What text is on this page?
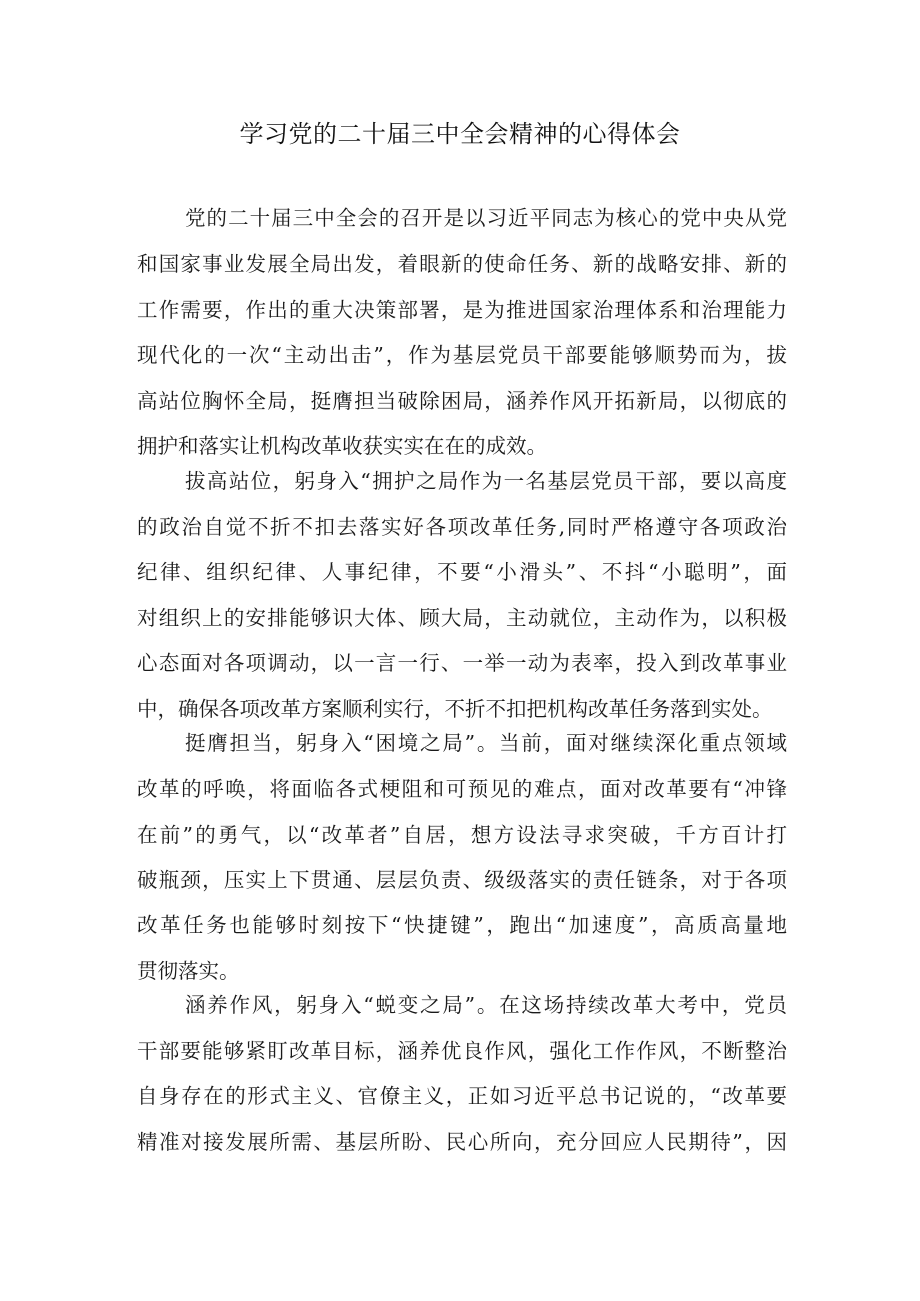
学习党的二十届三中全会精神的心得体会

党的二十届三中全会的召开是以习近平同志为核心的党中央从党

和国家事业发展全局出发，着眼新的使命任务、新的战略安排、新的

工作需要，作出的重大决策部署，是为推进国家治理体系和治理能力

现代化的一次“主动出击”，作为基层党员干部要能够顺势而为，拔

高站位胸怀全局，挺膺担当破除困局，涵养作风开拓新局，以彻底的

拥护和落实让机构改革收获实实在在的成效。

拔高站位，躬身入“拥护之局作为一名基层党员干部，要以高度

的政治自觉不折不扣去落实好各项改革任务,同时严格遵守各项政治

纪律、组织纪律、人事纪律，不要“小滑头”、不抖“小聪明”，面

对组织上的安排能够识大体、顾大局，主动就位，主动作为，以积极

心态面对各项调动，以一言一行、一举一动为表率，投入到改革事业

中，确保各项改革方案顺利实行，不折不扣把机构改革任务落到实处。

挺膺担当，躬身入“困境之局”。当前，面对继续深化重点领域

改革的呼唤，将面临各式梗阻和可预见的难点，面对改革要有“冲锋

在前”的勇气，以“改革者”自居，想方设法寻求突破，千方百计打

破瓶颈，压实上下贯通、层层负责、级级落实的责任链条，对于各项

改革任务也能够时刻按下“快捷键”，跑出“加速度”，高质高量地

贯彻落实。

涵养作风，躬身入“蜕变之局”。在这场持续改革大考中，党员

干部要能够紧盯改革目标，涵养优良作风，强化工作作风，不断整治

自身存在的形式主义、官僚主义，正如习近平总书记说的，“改革要

精准对接发展所需、基层所盼、民心所向，充分回应人民期待”，因
